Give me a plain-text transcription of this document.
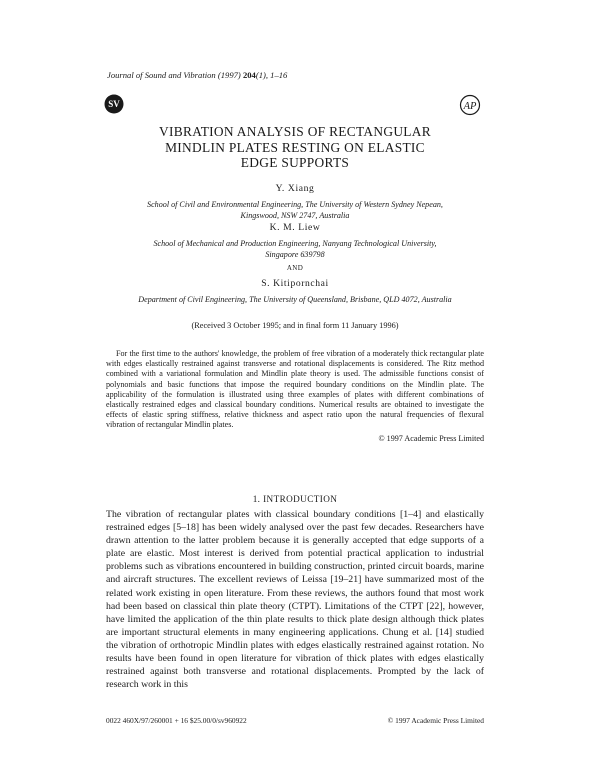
Journal of Sound and Vibration (1997) 204(1), 1–16
SV	AP
VIBRATION ANALYSIS OF RECTANGULAR
MINDLIN PLATES RESTING ON ELASTIC
EDGE SUPPORTS
Y. Xiang
School of Civil and Environmental Engineering, The University of Western Sydney Nepean,
Kingswood, NSW 2747, Australia
K. M. Liew
School of Mechanical and Production Engineering, Nanyang Technological University,
Singapore 639798
AND
S. Kitipornchai
Department of Civil Engineering, The University of Queensland, Brisbane, QLD 4072, Australia
(Received 3 October 1995; and in final form 11 January 1996)
For the first time to the authors' knowledge, the problem of free vibration of a moderately thick rectangular plate with edges elastically restrained against transverse and rotational displacements is considered. The Ritz method combined with a variational formulation and Mindlin plate theory is used. The admissible functions consist of polynomials and basic functions that impose the required boundary conditions on the Mindlin plate. The applicability of the formulation is illustrated using three examples of plates with different combinations of elastically restrained edges and classical boundary conditions. Numerical results are obtained to investigate the effects of elastic spring stiffness, relative thickness and aspect ratio upon the natural frequencies of flexural vibration of rectangular Mindlin plates.
© 1997 Academic Press Limited
1. INTRODUCTION
The vibration of rectangular plates with classical boundary conditions [1–4] and elastically restrained edges [5–18] has been widely analysed over the past few decades. Researchers have drawn attention to the latter problem because it is generally accepted that edge supports of a plate are elastic. Most interest is derived from potential practical application to industrial problems such as vibrations encountered in building construction, printed circuit boards, marine and aircraft structures. The excellent reviews of Leissa [19–21] have summarized most of the related work existing in open literature. From these reviews, the authors found that most work had been based on classical thin plate theory (CTPT). Limitations of the CTPT [22], however, have limited the application of the thin plate results to thick plate design although thick plates are important structural elements in many engineering applications. Chung et al. [14] studied the vibration of orthotropic Mindlin plates with edges elastically restrained against rotation. No results have been found in open literature for vibration of thick plates with edges elastically restrained against both transverse and rotational displacements. Prompted by the lack of research work in this
0022 460X/97/260001 + 16 $25.00/0/sv960922	© 1997 Academic Press Limited
